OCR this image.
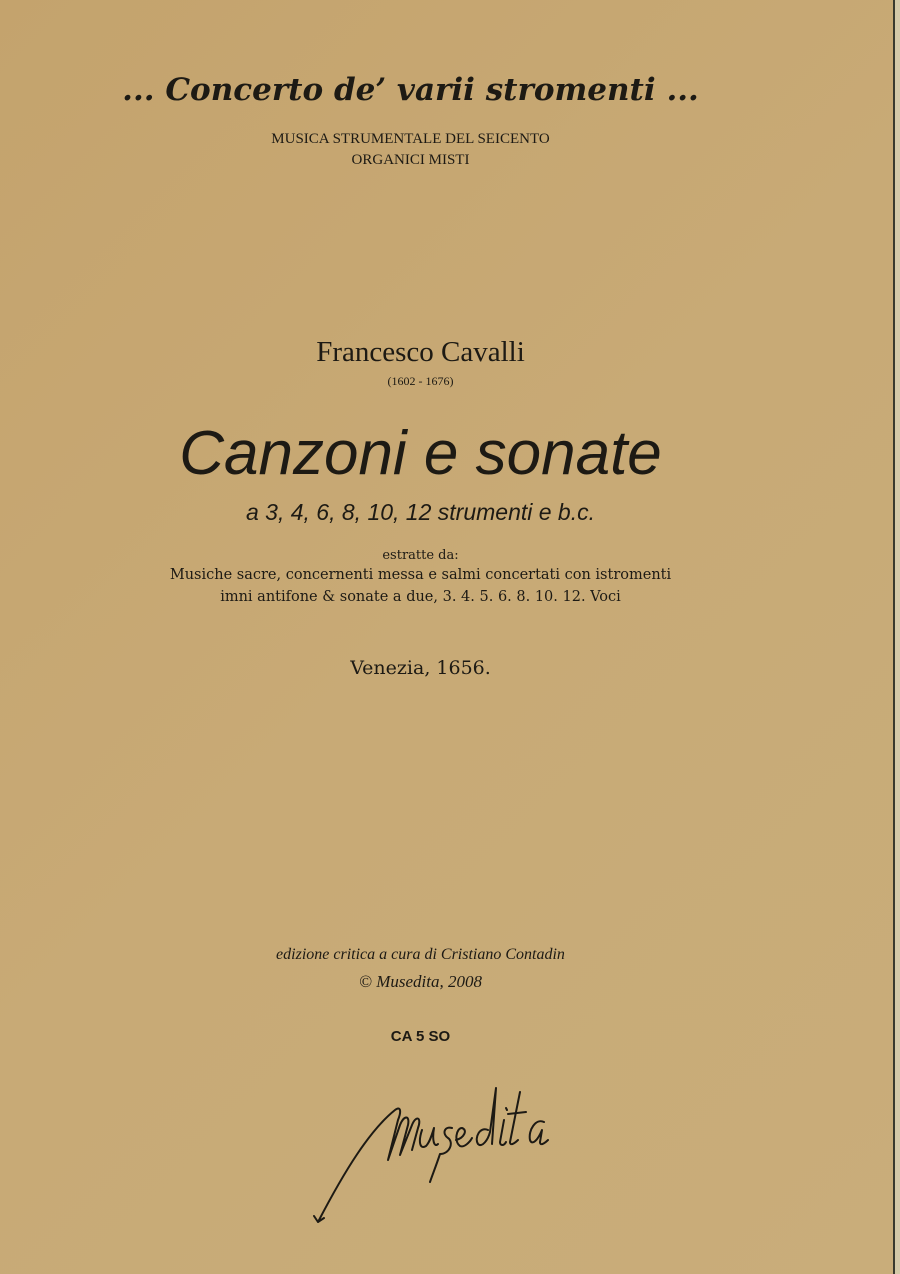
... Concerto de’ varii stromenti ...
MUSICA STRUMENTALE DEL SEICENTO
ORGANICI MISTI
Francesco Cavalli
(1602 - 1676)
Canzoni e sonate
a 3, 4, 6, 8, 10, 12 strumenti e b.c.
estratte da:
Musiche sacre, concernenti messa e salmi concertati con istromenti
imni antifone & sonate a due, 3. 4. 5. 6. 8. 10. 12. Voci
Venezia, 1656.
edizione critica a cura di Cristiano Contadin
© Musedita, 2008
CA 5 SO
